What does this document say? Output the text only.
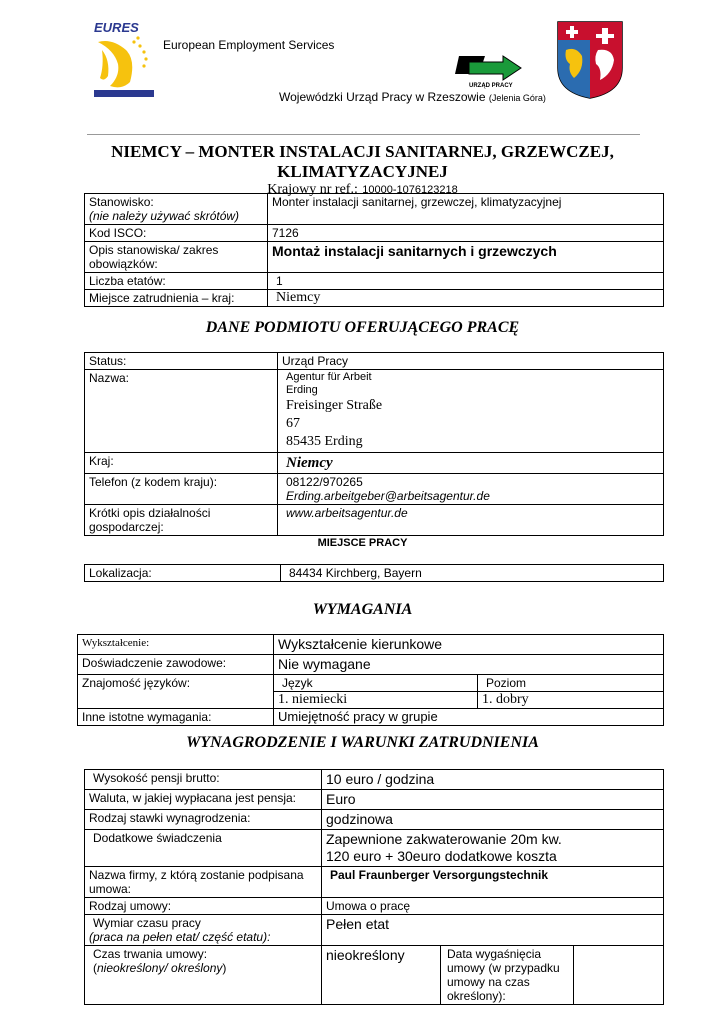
EURES
European Employment Services
URZĄD PRACY
Wojewódzki Urząd Pracy w Rzeszowie (Jelenia Góra)
NIEMCY – MONTER INSTALACJI SANITARNEJ, GRZEWCZEJ,
KLIMATYZACYJNEJ
Krajowy nr ref.: 10000-1076123218
Stanowisko:
(nie należy używać skrótów)	Monter instalacji sanitarnej, grzewczej, klimatyzacyjnej
Kod ISCO:	7126

Opis stanowiska/ zakres
obowiązków:	Montaż instalacji sanitarnych i grzewczych
Liczba etatów:	1
Miejsce zatrudnienia – kraj:	Niemcy
DANE PODMIOTU OFERUJĄCEGO PRACĘ
Status:	Urząd Pracy
Nazwa:	Agentur für Arbeit
Erding
Freisinger Straße
67
85435 Erding

Kraj:	Niemcy
Telefon (z kodem kraju):	08122/970265
Erding.arbeitgeber@arbeitsagentur.de

Krótki opis działalności
gospodarczej:	www.arbeitsagentur.de
MIEJSCE PRACY
Lokalizacja:	84434 Kirchberg, Bayern
WYMAGANIA
Wykształcenie:	Wykształcenie kierunkowe	
Doświadczenie zawodowe:	Nie wymagane	
Znajomość języków:	Język	Poziom
	1. niemiecki	1. dobry
Inne istotne wymagania:	Umiejętność pracy w grupie	
WYNAGRODZENIE I WARUNKI ZATRUDNIENIA
Wysokość pensji brutto:	10 euro / godzina		
Waluta, w jakiej wypłacana jest pensja:	Euro		
Rodzaj stawki wynagrodzenia:	godzinowa		
Dodatkowe świadczenia	Zapewnione zakwaterowanie 20m kw.
120 euro + 30euro dodatkowe koszta		

Nazwa firmy, z którą zostanie podpisana
umowa:	Paul Fraunberger Versorgungstechnik		
Rodzaj umowy:	Umowa o pracę		

Wymiar czasu pracy
(praca na pełen etat/ część etatu):	Pełen etat		

Czas trwania umowy:
(nieokreślony/ określony)	nieokreślony	Data wygaśnięcia
umowy (w przypadku
umowy na czas
określony):	
